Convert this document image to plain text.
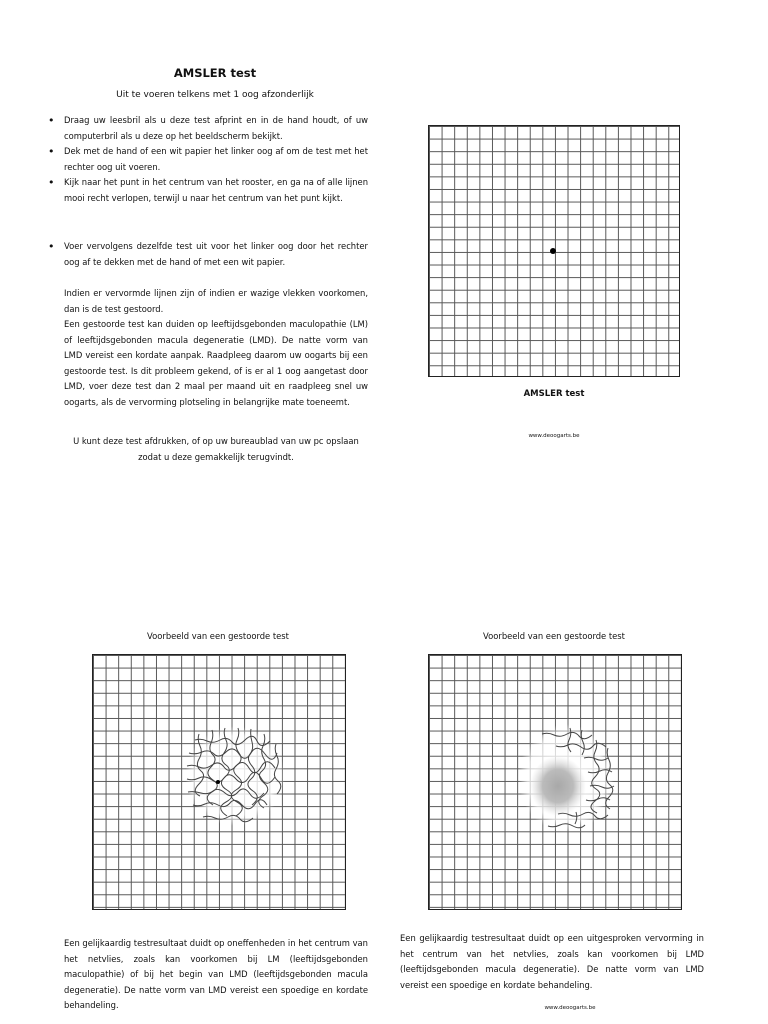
AMSLER test
Uit te voeren telkens met 1 oog afzonderlijk
• Draag uw leesbril als u deze test afprint en in de hand houdt, of uw computerbril als u deze op het beeldscherm bekijkt.
• Dek met de hand of een wit papier het linker oog af om de test met het rechter oog uit voeren.
• Kijk naar het punt in het centrum van het rooster, en ga na of alle lijnen mooi recht verlopen, terwijl u naar het centrum van het punt kijkt.
• Voer vervolgens dezelfde test uit voor het linker oog door het rechter oog af te dekken met de hand of met een wit papier.

Indien er vervormde lijnen zijn of indien er wazige vlekken voorkomen, dan is de test gestoord.

Een gestoorde test kan duiden op leeftijdsgebonden maculopathie (LM) of leeftijdsgebonden macula degeneratie (LMD). De natte vorm van LMD vereist een kordate aanpak. Raadpleeg daarom uw oogarts bij een gestoorde test. Is dit probleem gekend, of is er al 1 oog aangetast door LMD, voer deze test dan 2 maal per maand uit en raadpleeg snel uw oogarts, als de vervorming plotseling in belangrijke mate toeneemt.

U kunt deze test afdrukken, of op uw bureaublad van uw pc opslaan zodat u deze gemakkelijk terugvindt.
AMSLER test
www.deoogarts.be
Voorbeeld van een gestoorde test

Een gelijkaardig testresultaat duidt op oneffenheden in het centrum van het netvlies, zoals kan voorkomen bij LM (leeftijdsgebonden maculopathie) of bij het begin van LMD (leeftijdsgebonden macula degeneratie). De natte vorm van LMD vereist een spoedige en kordate behandeling.

Voorbeeld van een gestoorde test

Een gelijkaardig testresultaat duidt op een uitgesproken vervorming in het centrum van het netvlies, zoals kan voorkomen bij LMD (leeftijdsgebonden macula degeneratie). De natte vorm van LMD vereist een spoedige en kordate behandeling.

www.deoogarts.be
